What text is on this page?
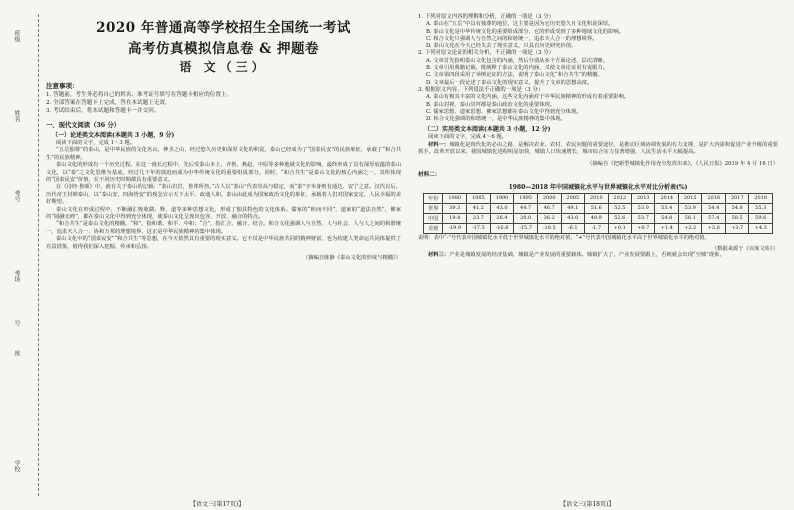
班级
姓名
考号
考场
号
座
学校
2020 年普通高等学校招生全国统一考试
高考仿真模拟信息卷 & 押题卷
语 文（三）
注意事项：

1. 答题前，考生务必将自己的姓名、准考证号填写在答题卡相应的位置上。

2. 全部答案在答题卡上完成，答在本试题上无效。

3. 考试结束后，将本试题和答题卡一并交回。

一、现代文阅读（36 分）
（一）论述类文本阅读(本题共 3 小题，9 分)

阅读下面的文字，完成 1～3 题。

“五岳独尊”的泰山，是中华民族的文化名山，神圣之山，经过悠久历史和深厚文化的积淀，泰山已经成为了“国泰民安”的民族象征，承载了“和合共生”的民族精神。

泰山文化的形成有一个历史过程。在这一漫长过程中，先后受泰山本土、齐鲁、燕赵、中原等多种地域文化的影响，最终形成了具有深厚底蕴的泰山文化，以“泰”之文化思维为基底，经过几千年的演进而成为中华传统文化的重要组成部分。同时，“和合共生”是泰山文化的核心内涵之一，其所体现的“国泰民安”价值，在不同历史时期都具有重要意义。

在《诗经·鲁颂》中，就有关于泰山的记载：“泰山岩岩，鲁邦所詹。”古人以“泰山”代表崇高与稳定，而“泰”字本身则有通达、安宁之意。汉代以后，历代帝王封禅泰山，以“泰山安，四海皆安”的观念宣示天下太平、政通人和。泰山由此成为国家政治文化的象征，承载着人们对国家安定、人民幸福的美好期望。

泰山文化在形成过程中，不断融汇吸收儒、释、道等多种思想文化，形成了独具特色的文化体系。儒家的“和而不同”，道家的“道法自然”，佛家的“圆融无碍”，都在泰山文化中得到充分体现，使泰山文化呈现出包容、开放、融合的特点。

“和合共生”是泰山文化的精髓。“和”，指和谐、和平、中和；“合”，指汇合、融合、结合。和合文化强调人与自然、人与社会、人与人之间的和谐统一，追求天人合一、协和万邦的理想境界，这正是中华民族精神的集中体现。

泰山文化中的“国泰民安”“和合共生”等思想，在今天依然具有重要的现实意义。它不仅是中华民族共同的精神财富，也为构建人类命运共同体提供了有益借鉴，值得我们深入挖掘、传承和弘扬。

（摘编自陈静《泰山文化的形成与精髓》）

【语文三(第17页)】

1. 下列对原文内容的理解和分析，正确的一项是（3 分）

A. 泰山在“五岳”中具有独尊的地位，这主要是因为它历史悠久且文化积淀深厚。

B. 泰山文化是中华传统文化的重要组成部分，它的形成受到了多种地域文化的影响。

C. 和合文化只强调人与自然之间的和谐统一，追求天人合一的理想境界。

D. 泰山文化在今天已经失去了现实意义，只具有历史研究价值。

2. 下列对原文论证的相关分析，不正确的一项是（3 分）

A. 文章首先指明泰山文化包含的内涵，然后分别从多个方面论述，层次清晰。

B. 文章引用典籍记载，既阐释了泰山文化的内涵，又使文章论证更有说服力。

C. 文章第四段采用了举例论证的方法，说明了泰山文化“和合共生”的精髓。

D. 文章最后一段论述了泰山文化的现实意义，提升了文章的思想高度。

3. 根据原文内容，下列说法不正确的一项是（3 分）

A. 泰山有极其丰富的文化内涵，这些文化内涵对于中华民族精神的形成有着重要影响。

B. 泰山封禅，泰山崇拜都是泰山政治文化的重要体现。

C. 儒家思想、道家思想、佛家思想都在泰山文化中得到充分体现。

D. 和合文化强调的和谐统一，是中华民族精神的集中体现。

（二）实用类文本阅读(本题共 3 小题，12 分)

阅读下面的文字，完成 4～6 题。

材料一：城镇化是现代化的必由之路，是解决农业、农村、农民问题的重要途径，是推动区域协调发展的有力支撑，是扩大内需和促进产业升级的重要抓手。改革开放以来，我国城镇化进程明显加快，城镇人口快速增长，城市综合实力显著增强，人民生活水平大幅提高。

（摘编自《把新型城镇化作用充分发挥出来》，《人民日报》2019 年 4 月 16 日）

材料二：
1980—2018 年中国城镇化水平与世界城镇化水平对比分析表(%)
年份	1980	1985	1990	1995	2000	2005	2010	2012	2013	2014	2015	2016	2017	2018
世界	39.3	41.2	43.0	44.7	46.7	49.1	51.6	52.5	53.0	53.4	53.9	54.4	54.8	55.3
中国	19.4	23.7	26.4	29.0	36.2	43.0	49.9	52.6	53.7	54.8	56.1	57.4	58.5	59.6
差值	-19.9	-17.5	-16.6	-15.7	-10.5	-6.1	-1.7	+0.1	+0.7	+1.4	+2.2	+3.0	+3.7	+4.3

说明：表中“-”号代表中国城镇化水平低于世界城镇化水平的绝对值，“+”号代表中国城镇化水平高于世界城镇化水平的绝对值。

（数据来源于《百度文库》）

材料三：产业是城镇发展的经济基础，城镇是产业发展的重要载体。城镇扩大了，产业发展要跟上，否则就会出现“空城”现象。

【语文三(第18页)】
